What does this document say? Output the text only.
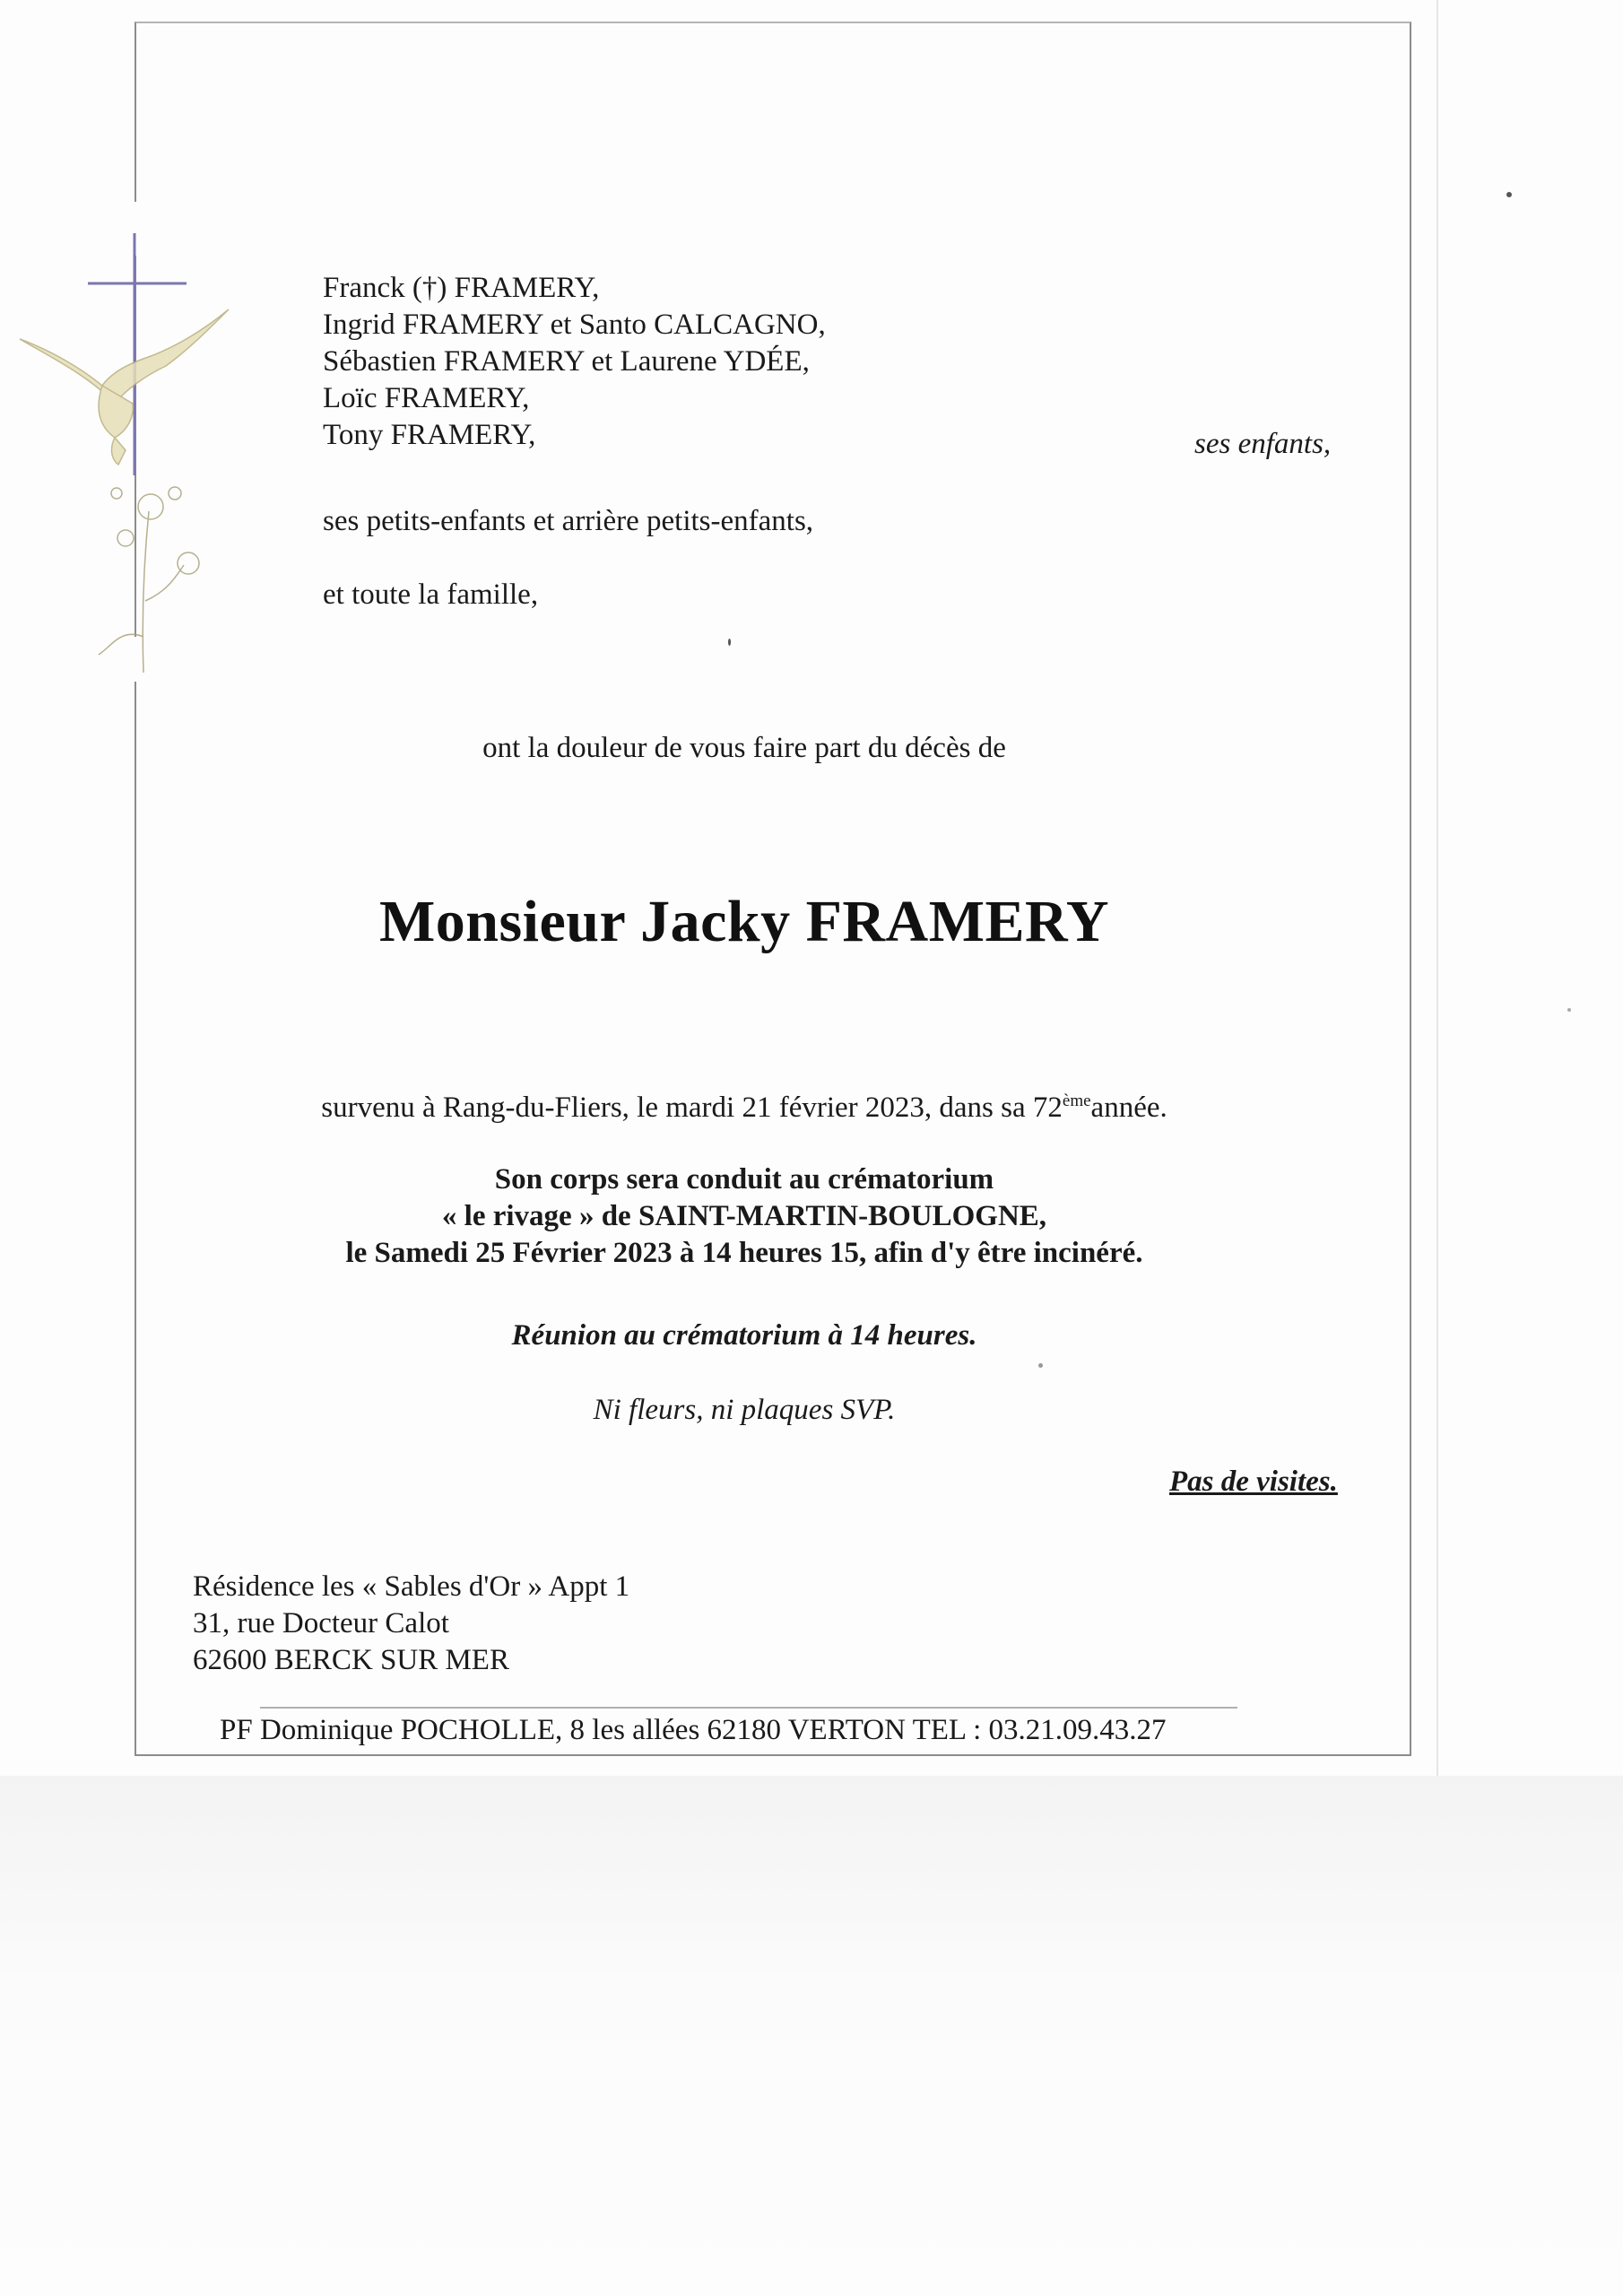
Franck (†) FRAMERY,
Ingrid FRAMERY et Santo CALCAGNO,
Sébastien FRAMERY et Laurene YDÉE,
Loïc FRAMERY,
Tony FRAMERY,	ses enfants,
ses petits-enfants et arrière petits-enfants,
et toute la famille,
ont la douleur de vous faire part du décès de
Monsieur Jacky FRAMERY
survenu à Rang-du-Fliers, le mardi 21 février 2023, dans sa 72èmeannée.
Son corps sera conduit au crématorium
« le rivage » de SAINT-MARTIN-BOULOGNE,
le Samedi 25 Février 2023 à 14 heures 15, afin d'y être incinéré.
Réunion au crématorium à 14 heures.
Ni fleurs, ni plaques SVP.
Pas de visites.
Résidence les « Sables d'Or » Appt 1
31, rue Docteur Calot
62600 BERCK SUR MER
PF Dominique POCHOLLE, 8 les allées 62180 VERTON TEL : 03.21.09.43.27
